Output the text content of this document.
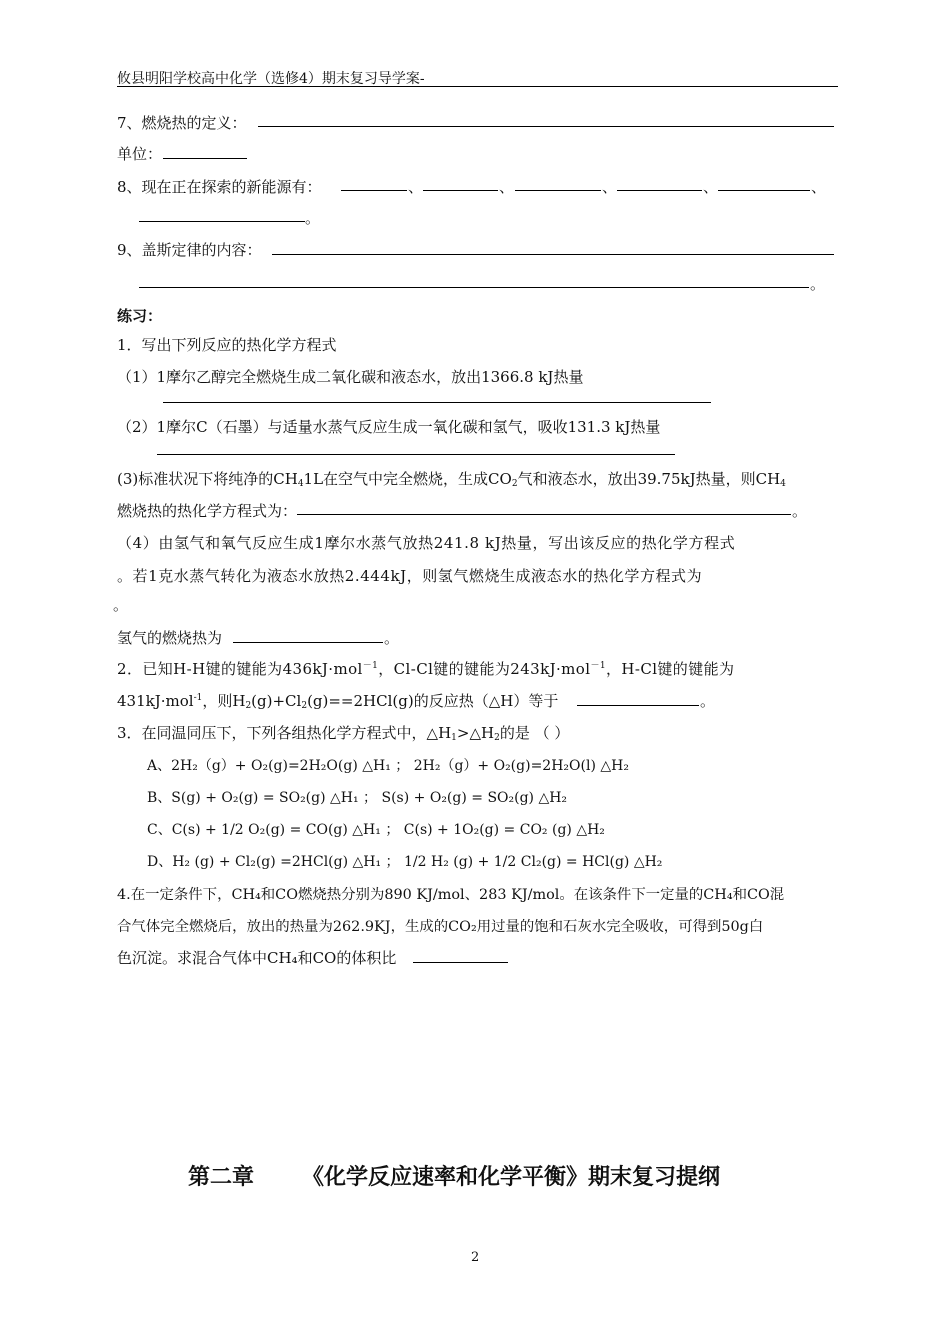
攸县明阳学校高中化学（选修4）期末复习导学案-
7、燃烧热的定义：
单位：
8、现在正在探索的新能源有：	、	、	、	、	、
。
9、盖斯定律的内容：
。
练习：
1．写出下列反应的热化学方程式
（1）1摩尔乙醇完全燃烧生成二氧化碳和液态水，放出1366.8 kJ热量
（2）1摩尔C（石墨）与适量水蒸气反应生成一氧化碳和氢气，吸收131.3 kJ热量
(3)标准状况下将纯净的$CH_41L$在空气中完全燃烧，生成$CO_2$气和液态水，放出39.75kJ热量，则$CH_4$
燃烧热的热化学方程式为：	。
（4）由氢气和氧气反应生成1摩尔水蒸气放热241.8 kJ热量，写出该反应的热化学方程式
。若1克水蒸气转化为液态水放热2.444kJ，则氢气燃烧生成液态水的热化学方程式为
。
氢气的燃烧热为	。
2．已知H-H键的键能为436kJ·mol$^{-1}$，Cl-Cl键的键能为243kJ·mol$^{-1}$，H-Cl键的键能为
431kJ·mol$^{-1}$，则$H_2(g)+Cl_2(g)==2HCl(g)$的反应热（△H）等于	。
3．在同温同压下，下列各组热化学方程式中，$\triangle H_1>\triangle H_2$的是 （ ）
A、2H₂（g）+ O₂(g)=2H₂O(g) △H₁ ； 2H₂（g）+ O₂(g)=2H₂O(l) △H₂
B、S(g) + O₂(g) = SO₂(g) △H₁ ； S(s) + O₂(g) = SO₂(g) △H₂
C、C(s) + 1/2 O₂(g) = CO(g) △H₁ ； C(s) + 1O₂(g) = CO₂ (g) △H₂
D、H₂ (g) + Cl₂(g) =2HCl(g) △H₁ ； 1/2 H₂ (g) + 1/2 Cl₂(g) = HCl(g) △H₂
4.在一定条件下，CH₄和CO燃烧热分别为890 KJ/mol、283 KJ/mol。在该条件下一定量的CH₄和CO混
合气体完全燃烧后，放出的热量为262.9KJ，生成的CO₂用过量的饱和石灰水完全吸收，可得到50g白
色沉淀。求混合气体中CH₄和CO的体积比
第二章 《化学反应速率和化学平衡》期末复习提纲
2
